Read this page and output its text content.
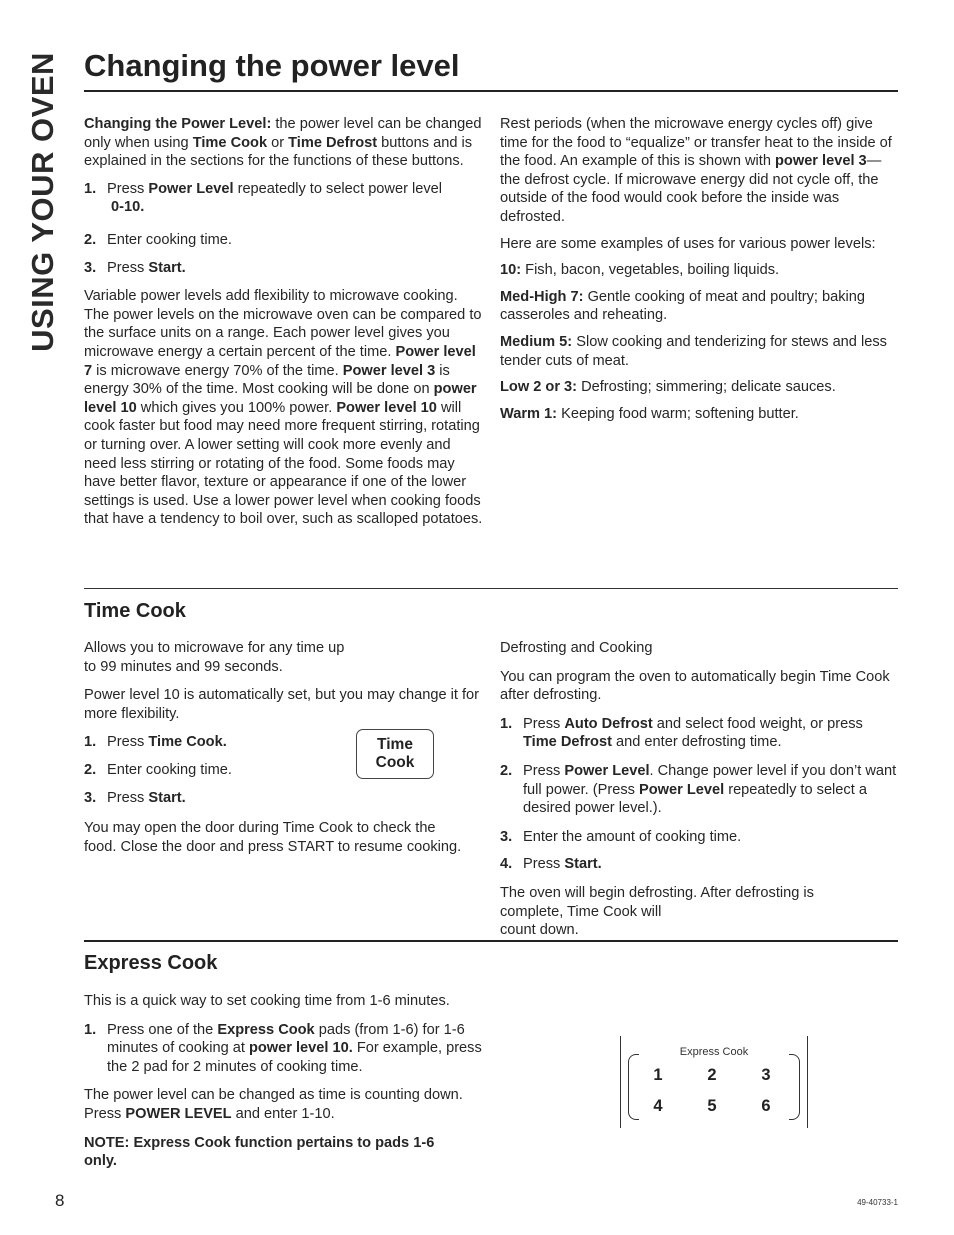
USING YOUR OVEN Changing the power level

Changing the Power Level: the power level can be changed only when using Time Cook or Time Defrost buttons and is explained in the sections for the functions of these buttons.

1. Press Power Level repeatedly to select power level

0-10.
2. Enter cooking time.
3. Press Start.

Variable power levels add flexibility to microwave cooking. The power levels on the microwave oven can be compared to the surface units on a range. Each power level gives you microwave energy a certain percent of the time. Power level 7 is microwave energy 70% of the time. Power level 3 is energy 30% of the time. Most cooking will be done on power level 10 which gives you 100% power. Power level 10 will cook faster but food may need more frequent stirring, rotating or turning over. A lower setting will cook more evenly and need less stirring or rotating of the food. Some foods may have better flavor, texture or appearance if one of the lower settings is used. Use a lower power level when cooking foods that have a tendency to boil over, such as scalloped potatoes.

Rest periods (when the microwave energy cycles off) give time for the food to “equalize” or transfer heat to the inside of the food. An example of this is shown with power level 3—the defrost cycle. If microwave energy did not cycle off, the outside of the food would cook before the inside was defrosted.

Here are some examples of uses for various power levels:

10: Fish, bacon, vegetables, boiling liquids.

Med-High 7: Gentle cooking of meat and poultry; baking casseroles and reheating.

Medium 5: Slow cooking and tenderizing for stews and less tender cuts of meat.

Low 2 or 3: Defrosting; simmering; delicate sauces.

Warm 1: Keeping food warm; softening butter.

Time Cook

Allows you to microwave for any time up
to 99 minutes and 99 seconds.

Power level 10 is automatically set, but you may change it for more flexibility.

1. Press Time Cook.
2. Enter cooking time.
3. Press Start.

You may open the door during Time Cook to check the food. Close the door and press START to resume cooking.

Time
Cook

Defrosting and Cooking

You can program the oven to automatically begin Time Cook after defrosting.

1. Press Auto Defrost and select food weight, or press Time Defrost and enter defrosting time.
2. Press Power Level. Change power level if you don’t want full power. (Press Power Level repeatedly to select a desired power level.).
3. Enter the amount of cooking time.
4. Press Start.

The oven will begin defrosting. After defrosting is complete, Time Cook will
count down.

Express Cook

This is a quick way to set cooking time from 1-6 minutes.

1. Press one of the Express Cook pads (from 1-6) for 1-6 minutes of cooking at power level 10. For example, press the 2 pad for 2 minutes of cooking time.

The power level can be changed as time is counting down. Press POWER LEVEL and enter 1-10.

NOTE: Express Cook function pertains to pads 1-6 only.

Express Cook
1	2	3
4	5	6
8	49-40733-1
